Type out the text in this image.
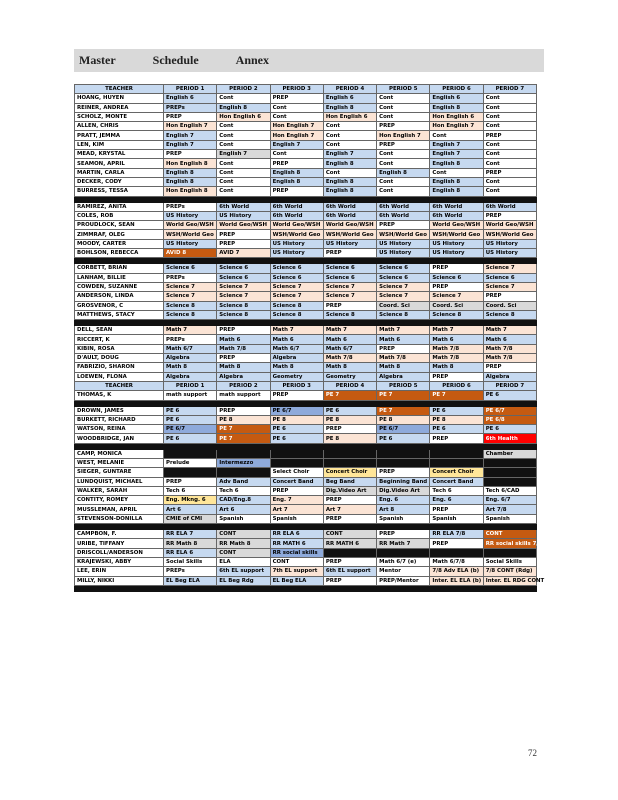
Master	Schedule	Annex
TEACHER	PERIOD 1	PERIOD 2	PERIOD 3	PERIOD 4	PERIOD 5	PERIOD 6	PERIOD 7
HOANG, HUYEN	English 6	Cont	PREP	English 6	Cont	English 6	Cont
REINER, ANDREA	PREPs	English 8	Cont	English 8	Cont	English 8	Cont
SCHOLZ, MONTE	PREP	Hon English 6	Cont	Hon English 6	Cont	Hon English 6	Cont
ALLEN, CHRIS	Hon English 7	Cont	Hon English 7	Cont	PREP	Hon English 7	Cont
PRATT, JEMMA	English 7	Cont	Hon English 7	Cont	Hon English 7	Cont	PREP
LEN, KIM	English 7	Cont	English 7	Cont	PREP	English 7	Cont
MEAD, KRYSTAL	PREP	English 7	Cont	English 7	Cont	English 7	Cont
SEAMON, APRIL	Hon English 8	Cont	PREP	English 8	Cont	English 8	Cont
MARTIN, CARLA	English 8	Cont	English 8	Cont	English 8	Cont	PREP
DECKER, CODY	English 8	Cont	English 8	English 8	Cont	English 8	Cont
BURRESS, TESSA	Hon English 8	Cont	PREP	English 8	Cont	English 8	Cont

RAMIREZ, ANITA	PREPs	6th World	6th World	6th World	6th World	6th World	6th World
COLES, ROB	US History	US History	6th World	6th World	6th World	6th World	PREP
PROUDLOCK, SEAN	World Geo/WSH	World Geo/WSH	World Geo/WSH	World Geo/WSH	PREP	World Geo/WSH	World Geo/WSH
ZIMMRAF, OLEG	WSH/World Geo	PREP	WSH/World Geo	WSH/World Geo	WSH/World Geo	WSH/World Geo	WSH/World Geo
MOODY, CARTER	US History	PREP	US History	US History	US History	US History	US History
BOHLSON, REBECCA	AVID 8	AVID 7	US History	PREP	US History	US History	US History

CORBETT, BRIAN	Science 6	Science 6	Science 6	Science 6	Science 6	PREP	Science 7
LANHAM, BILLIE	PREPs	Science 6	Science 6	Science 6	Science 6	Science 6	Science 6
COWDEN, SUZANNE	Science 7	Science 7	Science 7	Science 7	Science 7	PREP	Science 7
ANDERSON, LINDA	Science 7	Science 7	Science 7	Science 7	Science 7	Science 7	PREP
GROSVENOR, C	Science 8	Science 8	Science 8	PREP	Coord. Sci	Coord. Sci	Coord. Sci
MATTHEWS, STACY	Science 8	Science 8	Science 8	Science 8	Science 8	Science 8	Science 8

DELL, SEAN	Math 7	PREP	Math 7	Math 7	Math 7	Math 7	Math 7
RICCERT, K	PREPs	Math 6	Math 6	Math 6	Math 6	Math 6	Math 6
KIBIN, ROSA	Math 6/7	Math 7/8	Math 6/7	Math 6/7	PREP	Math 7/8	Math 7/8
D'AULT, DOUG	Algebra	PREP	Algebra	Math 7/8	Math 7/8	Math 7/8	Math 7/8
FABRIZIO, SHARON	Math 8	Math 8	Math 8	Math 8	Math 8	Math 8	PREP
LOEWEN, FLONA	Algebra	Algebra	Geometry	Geometry	Algebra	PREP	Algebra
TEACHER	PERIOD 1	PERIOD 2	PERIOD 3	PERIOD 4	PERIOD 5	PERIOD 6	PERIOD 7
THOMAS, K	math support	math support	PREP	PE 7	PE 7	PE 7	PE 6

DROWN, JAMES	PE 6	PREP	PE 6/7	PE 6	PE 7	PE 6	PE 6/7
BURKETT, RICHARD	PE 6	PE 8	PE 8	PE 8	PE 8	PE 8	PE 6/8
WATSON, REINA	PE 6/7	PE 7	PE 6	PREP	PE 6/7	PE 6	PE 6
WOODBRIDGE, JAN	PE 6	PE 7	PE 6	PE 8	PE 6	PREP	6th Health

CAMP, MONICA							Chamber
WEST, MELANIE	Prelude	Intermezzo					
SIEGER, GUNTARE			Select Choir	Concert Choir	PREP	Concert Choir	
LUNDQUIST, MICHAEL	PREP	Adv Band	Concert Band	Beg Band	Beginning Band	Concert Band	
WALKER, SARAH	Tech 6	Tech 6	PREP	Dig.Video Art	Dig.Video Art	Tech 6	Tech 6/CAD
CONTITY, ROMEY	Eng. Mkng. 6	CAD/Eng.8	Eng. 7	PREP	Eng. 6	Eng. 6	Eng. 6/7
MUSSLEMAN, APRIL	Art 6	Art 6	Art 7	Art 7	Art 8	PREP	Art 7/8
STEVENSON-DONILLA	CMIE of CMI	Spanish	Spanish	PREP	Spanish	Spanish	Spanish

CAMPBON, F.	RR ELA 7	CONT	RR ELA 6	CONT	PREP	RR ELA 7/8	CONT
URIBE, TIFFANY	RR Math 8	RR Math 8	RR MATH 6	RR MATH 6	RR Math 7	PREP	RR social skills 7/8
DRISCOLL/ANDERSON	RR ELA 6	CONT	RR social skills				
KRAJEWSKI, ABBY	Social Skills	ELA	CONT	PREP	Math 6/7 (e)	Math 6/7/8	Social Skills
LEE, ERIN	PREPs	6th EL support	7th EL support	6th EL support	Mentor	7/8 Adv ELA (b)	7/8 CONT (Rdg)
MILLY, NIKKI	EL Beg ELA	EL Beg Rdg	EL Beg ELA	PREP	PREP/Mentor	Inter. EL ELA (b)	Inter. EL RDG CONT

72
